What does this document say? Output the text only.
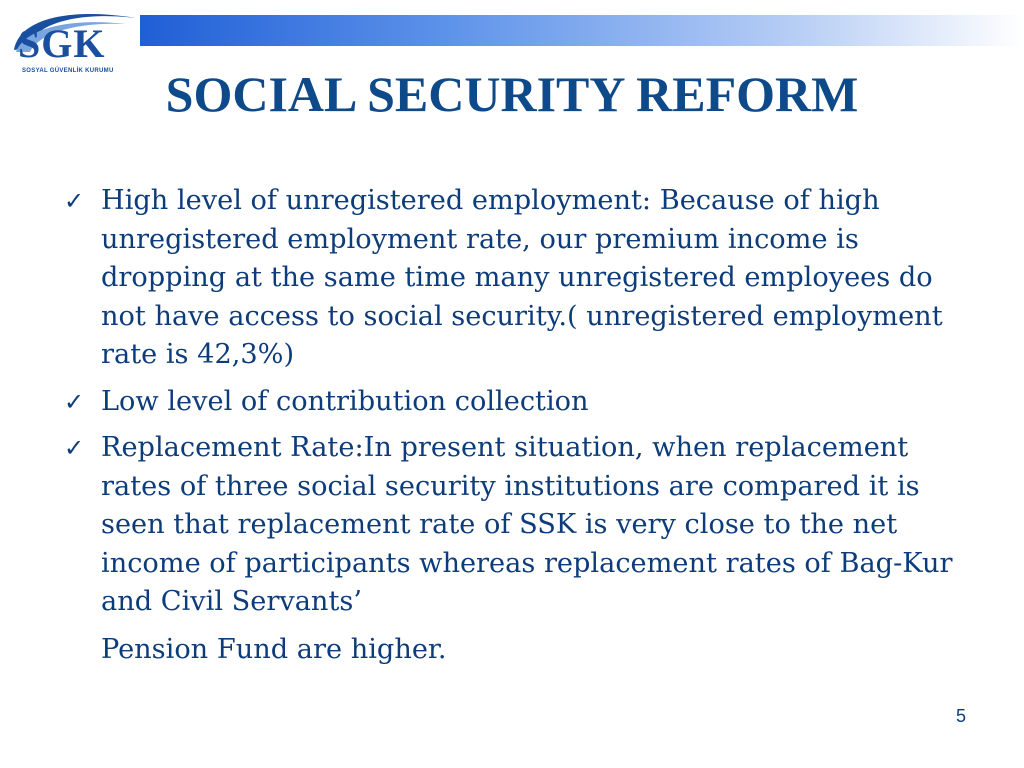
SGK
SOSYAL GÜVENLİK KURUMU	SOCIAL SECURITY REFORM
✓ High level of unregistered employment: Because of high unregistered employment rate, our premium income is dropping at the same time many unregistered employees do not have access to social security.( unregistered employment rate is 42,3%)
✓ Low level of contribution collection
✓ Replacement Rate:In present situation, when replacement rates of three social security institutions are compared it is seen that replacement rate of SSK is very close to the net income of participants whereas replacement rates of Bag-Kur and Civil Servants’
Pension Fund are higher.
5
